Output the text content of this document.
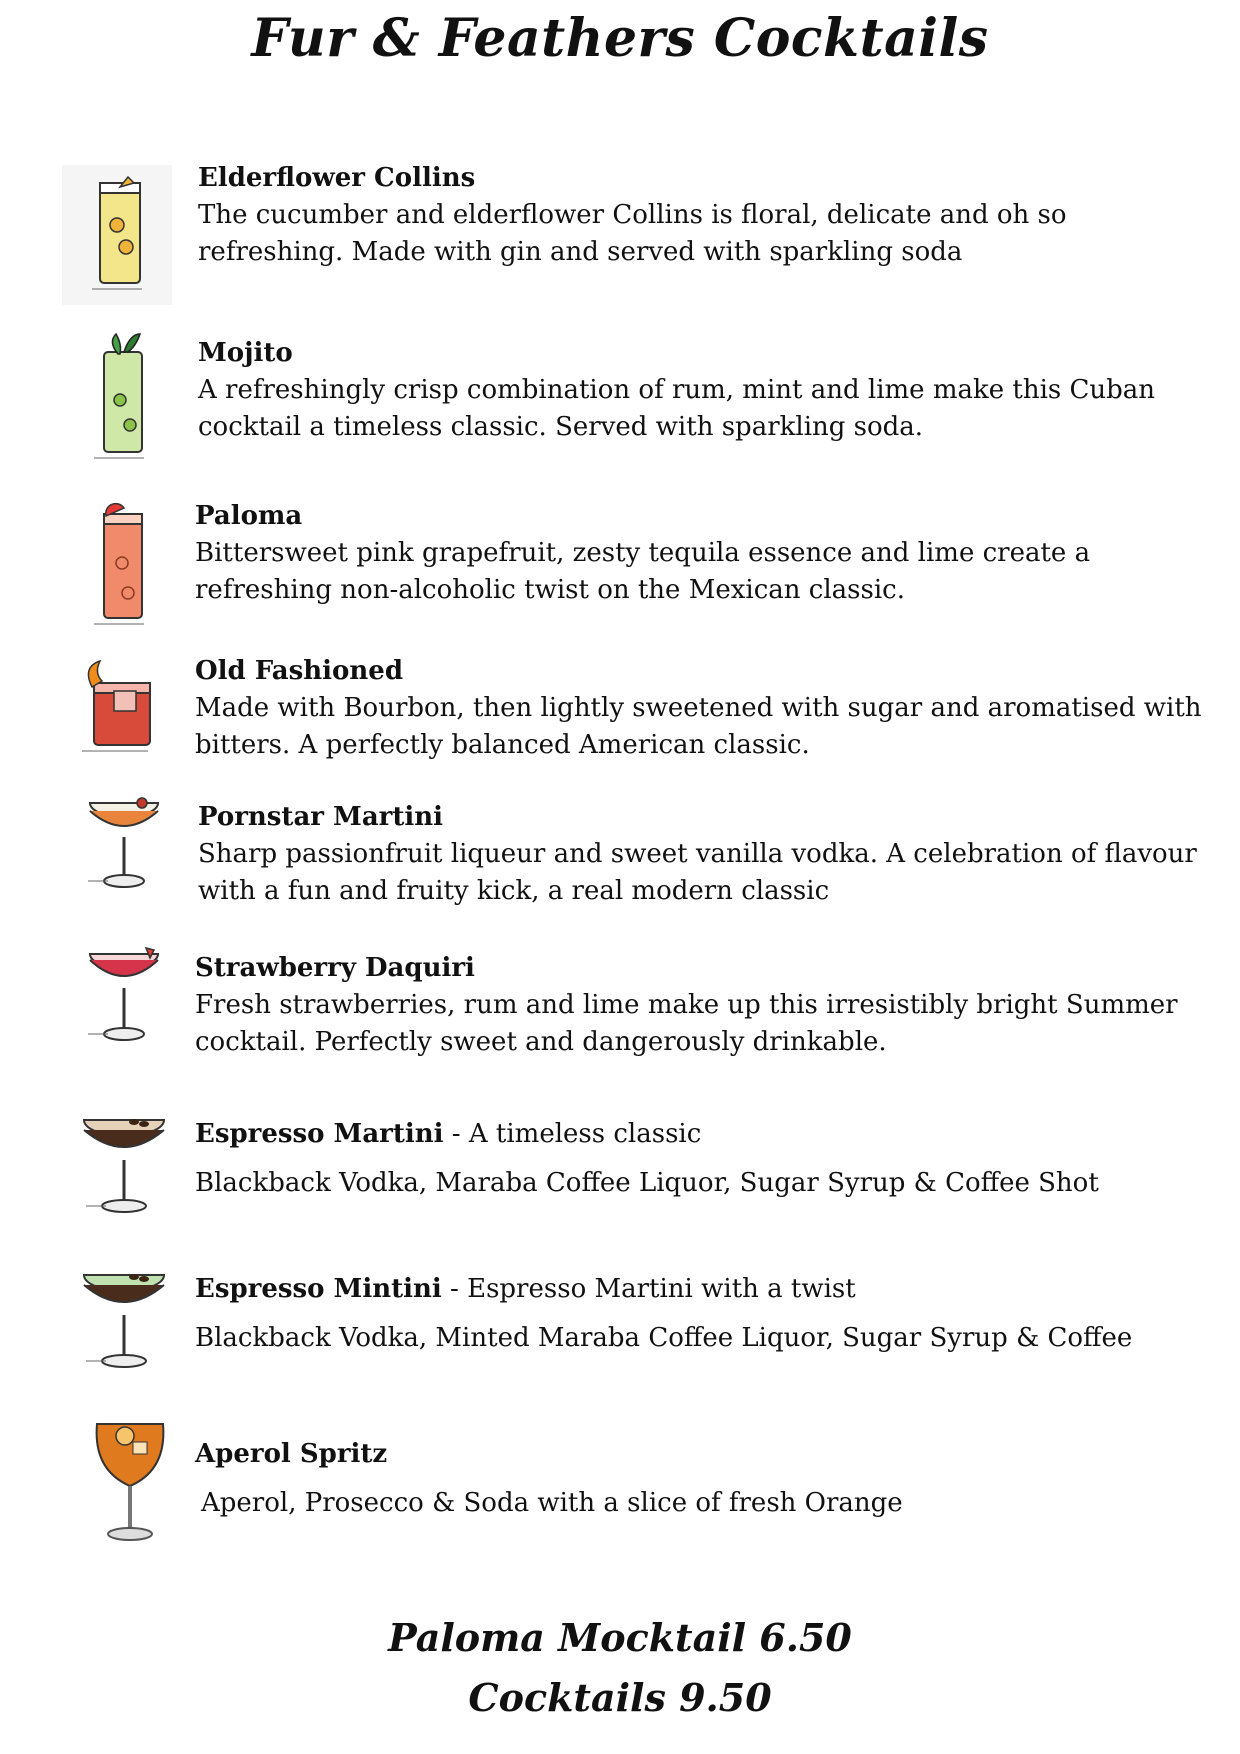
Fur & Feathers Cocktails
Elderflower Collins
The cucumber and elderflower Collins is floral, delicate and oh so refreshing. Made with gin and served with sparkling soda
Mojito
A refreshingly crisp combination of rum, mint and lime make this Cuban cocktail a timeless classic. Served with sparkling soda.
Paloma
Bittersweet pink grapefruit, zesty tequila essence and lime create a refreshing non-alcoholic twist on the Mexican classic.
Old Fashioned
Made with Bourbon, then lightly sweetened with sugar and aromatised with bitters. A perfectly balanced American classic.
Pornstar Martini
Sharp passionfruit liqueur and sweet vanilla vodka. A celebration of flavour with a fun and fruity kick, a real modern classic
Strawberry Daquiri
Fresh strawberries, rum and lime make up this irresistibly bright Summer cocktail. Perfectly sweet and dangerously drinkable.
Espresso Martini - A timeless classic
Blackback Vodka, Maraba Coffee Liquor, Sugar Syrup & Coffee Shot
Espresso Mintini - Espresso Martini with a twist
Blackback Vodka, Minted Maraba Coffee Liquor, Sugar Syrup & Coffee
Aperol Spritz
Aperol, Prosecco & Soda with a slice of fresh Orange
Paloma Mocktail 6.50
Cocktails 9.50
